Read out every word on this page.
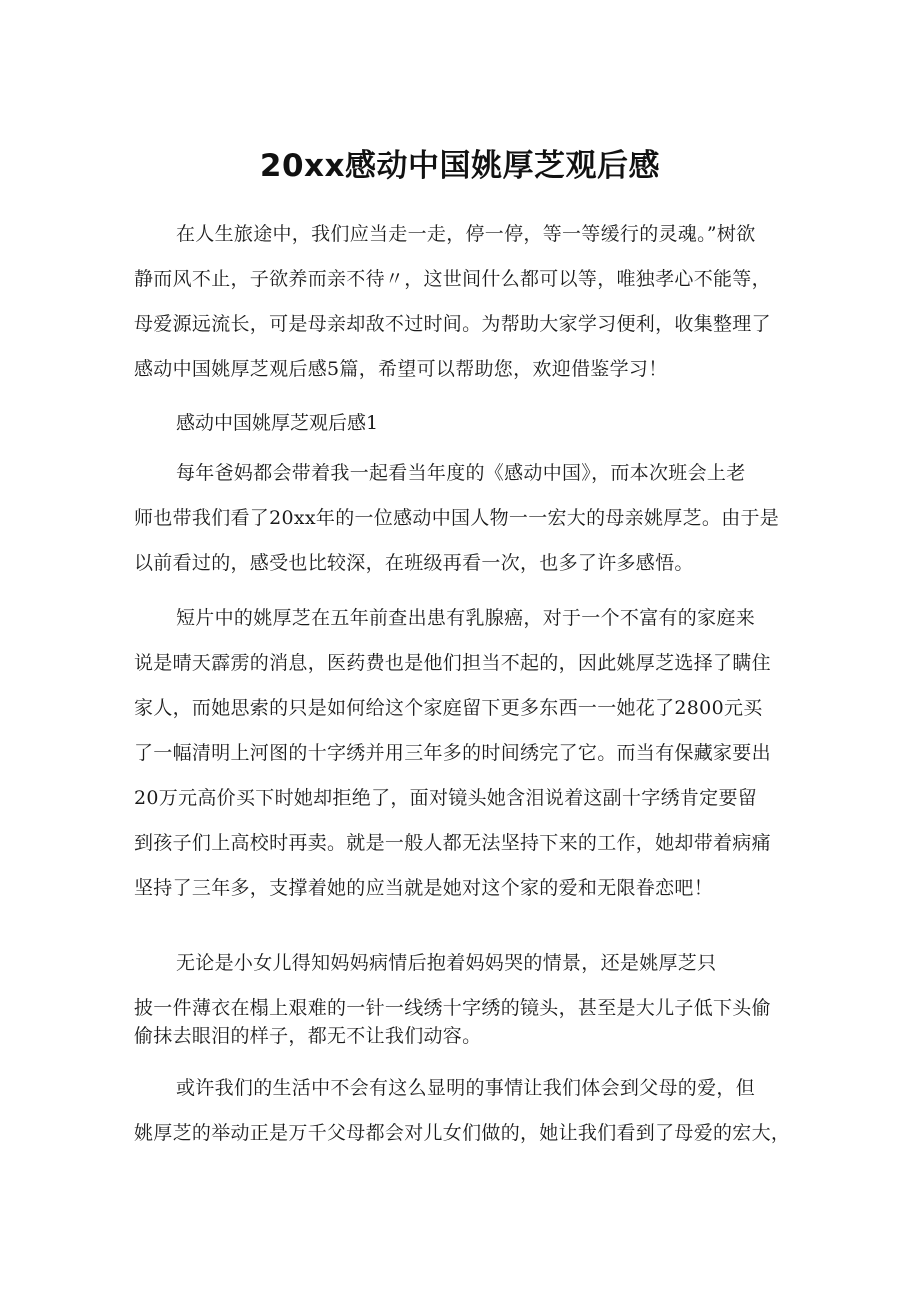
20xx感动中国姚厚芝观后感
在人生旅途中，我们应当走一走，停一停，等一等缓行的灵魂。”树欲
静而风不止，子欲养而亲不待〃，这世间什么都可以等，唯独孝心不能等，
母爱源远流长，可是母亲却敌不过时间。为帮助大家学习便利，收集整理了
感动中国姚厚芝观后感5篇，希望可以帮助您，欢迎借鉴学习！
感动中国姚厚芝观后感1
每年爸妈都会带着我一起看当年度的《感动中国》，而本次班会上老
师也带我们看了20xx年的一位感动中国人物一一宏大的母亲姚厚芝。由于是
以前看过的，感受也比较深，在班级再看一次，也多了许多感悟。
短片中的姚厚芝在五年前查出患有乳腺癌，对于一个不富有的家庭来
说是晴天霹雳的消息，医药费也是他们担当不起的，因此姚厚芝选择了瞒住
家人，而她思索的只是如何给这个家庭留下更多东西一一她花了2800元买
了一幅清明上河图的十字绣并用三年多的时间绣完了它。而当有保藏家要出
20万元高价买下时她却拒绝了，面对镜头她含泪说着这副十字绣肯定要留
到孩子们上高校时再卖。就是一般人都无法坚持下来的工作，她却带着病痛
坚持了三年多，支撑着她的应当就是她对这个家的爱和无限眷恋吧！
无论是小女儿得知妈妈病情后抱着妈妈哭的情景，还是姚厚芝只
披一件薄衣在榻上艰难的一针一线绣十字绣的镜头，甚至是大儿子低下头偷
偷抹去眼泪的样子，都无不让我们动容。
或许我们的生活中不会有这么显明的事情让我们体会到父母的爱，但
姚厚芝的举动正是万千父母都会对儿女们做的，她让我们看到了母爱的宏大，
